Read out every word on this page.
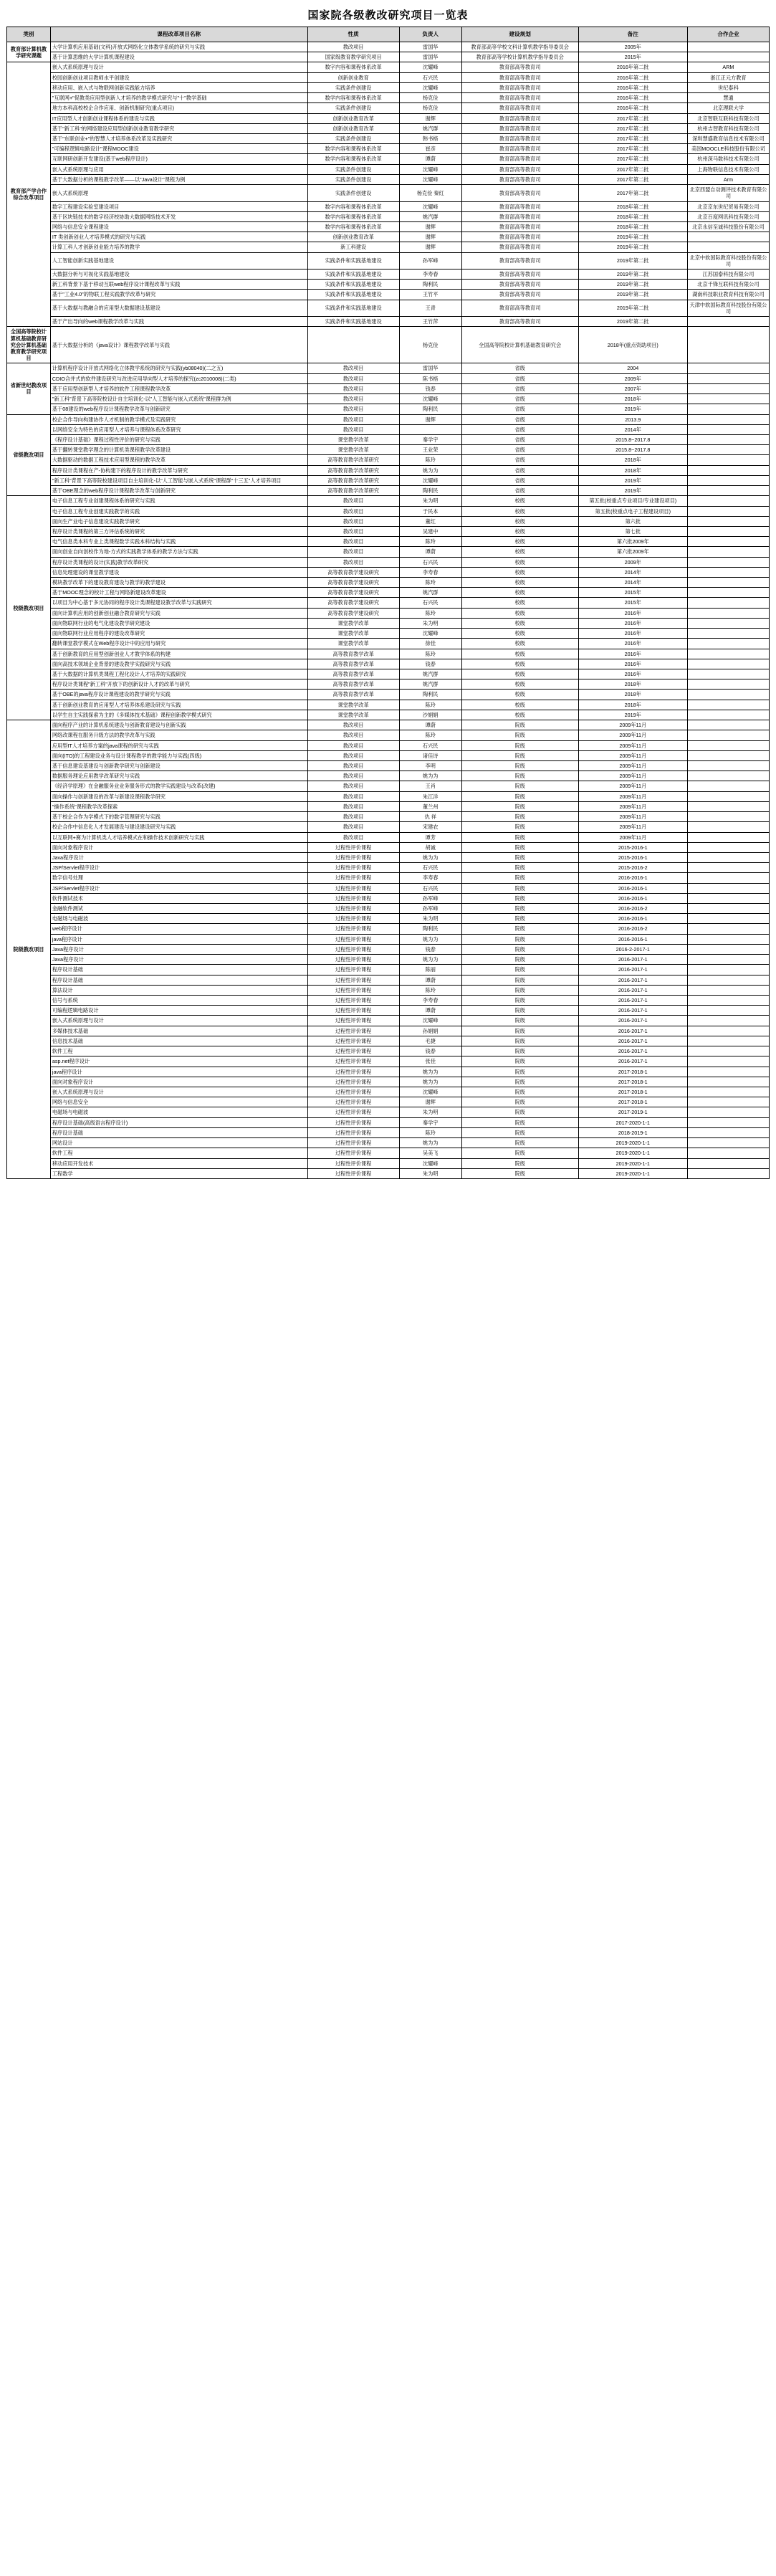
国家院各级教改研究项目一览表
类别	课程改革项目名称	性质	负责人	建设规划	备注	合作企业
教育部计算机教学研究课题	大学计算机应用基础(文科)开放式网络化立体教学系统的研究与实践	教改项目	雷国华	教育部高等学校文科计算机教学指导委员会	2005年	
	基于计算思维的大学计算机课程建设	国家级教育教学研究项目	雷国华	教育部高等学校计算机教学指导委员会	2015年	
教育部产学合作综合改革项目	嵌入式系统原理与设计	数字内容和课程体系改革	沈耀峰	教育部高等教育司	2016年第二批	ARM
	校园创新创业项目教师水平创建设	创新创业教育	石兴民	教育部高等教育司	2016年第二批	浙江正元方教育
	移动应用、嵌入式与物联网创新实践能力培养	实践条件创建设	沈耀峰	教育部高等教育司	2016年第二批	世纪泰科
	"互联网+"促教类应用型创新人才培养的教学模式研究与"十"教学基础	数学内容和课程体系改革	杨克俭	教育部高等教育司	2016年第二批	慧通
	地方本科高校校企合作应用、创新机制研究(重点项目)	实践条件创建设	杨克俭	教育部高等教育司	2016年第二批	北京理联大学
	IT应用型人才创新创业课程体系的建设与实践	创新创业教育改革	谢辉	教育部高等教育司	2017年第二批	北京智联互联科技有限公司
	基于"新工科"的网络建设应用型创新创业教育教学研究	创新创业教育改革	姚汽群	教育部高等教育司	2017年第二批	杭州吉智教育科技有限公司
	基于"东联创业+"的智慧人才培养体系改革及实践研究	实践条件创建设	韩书格	教育部高等教育司	2017年第二批	深圳慧盛教育信息技术有限公司
	"可编程逻辑电路设计"课程MOOC建设	数学内容和课程体系改革	崔彦	教育部高等教育司	2017年第二批	美国MOOCLE科技股份有限公司
	互联网研创新开发建设(基于web程序设计)	数学内容和课程体系改革	谭蔚	教育部高等教育司	2017年第二批	杭州深马数科技术有限公司
	嵌入式系统原理与应用	实践条件创建设	沈耀峰	教育部高等教育司	2017年第二批	上海物联信息技术有限公司
	基于大数据分析的课程教学改革——以"Java设计"课程为例	实践条件创建设	沈耀峰	教育部高等教育司	2017年第二批	Arm
	嵌入式系统原理	实践条件创建设	杨克俭 秦红	教育部高等教育司	2017年第二批	北京西盟自动测评技术教育有限公司
	数字工程建设实验室建设项目	数字内容和课程体系改革	沈耀峰	教育部高等教育司	2018年第二批	北京京东世纪贸易有限公司
	基于区块链技术的数字经济校协助大数据网络技术开发	数学内容和课程体系改革	姚汽群	教育部高等教育司	2018年第二批	北京百度网讯科技有限公司
	网络与信息安全课程建设	数学内容和课程体系改革	谢辉	教育部高等教育司	2018年第二批	北京永信至诚科技股份有限公司
	IT 类创新创业人才培养模式的研究与实践	创新创业教育改革	谢辉	教育部高等教育司	2019年第二批	
	计算工科人才创新创业能力培养的教学	新工科建设	谢辉	教育部高等教育司	2019年第二批	
	人工智能创新实践基地建设	实践条件和实践基地建设	孙军峰	教育部高等教育司	2019年第二批	北京中软国际教育科技股份有限公司
	大数据分析与可视化实践基地建设	实践条件和实践基地建设	李寿春	教育部高等教育司	2019年第二批	江苏国泰科技有限公司
	新工科背景下基于移动互联web程序设计课程改革与实践	实践条件和实践基地建设	陶利民	教育部高等教育司	2019年第二批	北京千锋互联科技有限公司
	基于"工业4.0"的物联工程实践教学改革与研究	实践条件和实践基地建设	王竹平	教育部高等教育司	2019年第二批	湖南科技职业教育科技有限公司
	基于大数据与教融合的应用型大数据建设基建设	实践条件和实践基地建设	王青	教育部高等教育司	2019年第二批	天津中软国际教育科技股份有限公司
	基于产出导向的web课程教学改革与实践	实践条件和实践基地建设	王竹萍	教育部高等教育司	2019年第二批	
全国高等院校计算机基础教育研究会计算机基础教育教学研究项目	基于大数据分析的《java设计》课程教学改革与实践		杨克俭	全国高等院校计算机基础教育研究会	2018年(重点资助项目)	
省新世纪教改项目	计算机程序设计开放式网络化立体教学系统的研究与实践(yb08040)(二之五)	教改项目	雷国华	省级	2004	
	CDIO合并式的软件建设研究与改进应用导向型人才培养的探究(zc2010008)(二类)	教改项目	陈书格	省级	2009年	
	基于应用型创新型人才培养的软件工程课程教学改革	教改项目	钱春	省级	2007年	
	"新工科"背景下高等院校设计自主培训化-以"人工智能与嵌入式系统"课程群为例	教改项目	沈耀峰	省级	2018年	
	基于08建设的web程序设计课程教学改革与创新研究	教改项目	陶利民	省级	2019年	
省级教改项目	校企合作导向构建协作人才机制的教学模式及实践研究	教改项目	谢辉	省级	2013.9	
	以网络安全为特色的应用型人才培养与课程体系改革研究	教改项目		省级	2014年	
	《程序设计基础》课程过程性评价的研究与实践	课堂教学改革	秦学宇	省级	2015.8~2017.8	
	基于翻转课堂教学理念的计算机类课程教学改革建设	课堂教学改革	王业荣	省级	2015.8~2017.8	
	大数据驱动的数据工程技术应用型课程的教学改革	高等教育教学改革研究	陈玲	省级	2018年	
	程序设计类课程在产-协构建下的程序设计的教学改革与研究	高等教育教学改革研究	姚为为	省级	2018年	
	"新工科"背景下高等院校建设项目自主培训化-以"人工智能与嵌入式系统"课程群"十三五"人才培养项目	高等教育教学改革研究	沈耀峰	省级	2019年	
	基于OBE理念的web程序设计课程教学改革与创新研究	高等教育教学改革研究	陶利民	省级	2019年	
校级教改项目	电子信息工程专业创建课程体系的研究与实践	教改项目	朱为明	校级	第五批(校重点专业项目/专业建设项目)	
	电子信息工程专业创建实践教学的实践	教改项目	于民本	校级	第五批(校重点电子工程建设项目)	
	面向生产业电子信息建设实践教学研究	教改项目	董红	校级	第六批	
	程序设计类课程的第三方评估系统的研究	教改项目	吴建中	校级	第七批	
	电气信息类本科专业上类课程数学实践本科结构与实践	教改项目	陈玲	校级	第六批2009年	
	面向创业自向创校作为地-方式的实践教学体系的教学方法与实践	教改项目	谭蔚	校级	第六批2009年	
	程序设计类课程的设计(实践)教学改革研究	教改项目	石兴民	校级	2009年	
	信息处理建设的课堂教学建设	高等教育教学建设研究	李寿春	校级	2014年	
	模块教学改革下的建设教育建设与教学的教学建设	高等教育教学建设研究	陈玲	校级	2014年	
	基于MOOC理念的校计工程与网络新建设改革建设	高等教育教学建设研究	姚汽群	校级	2015年	
	以项目为中心基于多元协同的程序设计类课程建设教学改革与实践研究	高等教育教学建设研究	石兴民	校级	2015年	
	面向计算机应用的创新创业融合教育研究与实践	高等教育教学建设研究	陈玲	校级	2016年	
	面向物联网行业的电气化建设教学研究建设	课堂教学改革	朱为明	校级	2016年	
	面向物联网行业应用程序的建设改革研究	课堂教学改革	沈耀峰	校级	2016年	
	翻转课堂教学模式在Web程序设计中的应用与研究	课堂教学改革	徐佳	校级	2016年	
	基于创新教育的应用型创新创业人才教学体系的构建	高等教育教学改革	陈玲	校级	2016年	
	面向高技术领域企业背景的建设教学实践研究与实践	高等教育教学改革	钱春	校级	2016年	
	基于大数据的计算机类课程工程化设计人才培养的实践研究	高等教育教学改革	姚汽群	校级	2016年	
	程序设计类课程"新工科"开放下的创新设计人才的改革与研究	高等教育教学改革	姚汽群	校级	2018年	
	基于OBE的java程序设计课程建设的教学研究与实践	高等教育教学改革	陶利民	校级	2018年	
	基于创新创业教育的应用型人才培养体系建设研究与实践	课堂教学改革	陈玲	校级	2018年	
	以学生自主实践探索为主的《多媒体技术基础》课程创新教学模式研究	课堂教学改革	沙娟娟	校级	2019年	
院级教改项目	面向程序产业的计算机系统建设与创新教育建设与创新实践	教改项目	谭蔚	院级	2009年11月	
	网络改课程在服务升级方法的教学改革与实践	教改项目	陈玲	院级	2009年11月	
	应用型IT人才培养方案的java课程的研究与实践	教改项目	石兴民	院级	2009年11月	
	面向(ITO)的工程建设业务与设计课程教学的教学能力与实践(四级)	教改项目	诸佳诗	院级	2009年11月	
	基于信息建设基建设与创新教学研究与创新建设	教改项目	李明	院级	2009年11月	
	数据服务理论应用教学改革研究与实践	教改项目	姚为为	院级	2009年11月	
	《经济学原理》在金融服务业业务服务形式的教学实践建设与改革(改建)	教改项目	王肖	院级	2009年11月	
	面向操作与创新建设的改革与新建设课程教学研究	教改项目	朱江洋	院级	2009年11月	
	"操作系统"课程教学改革探索	教改项目	董兰州	院级	2009年11月	
	基于校企合作为学模式下的数字管理研究与实践	教改项目	仇 祥	院级	2009年11月	
	校企合作中信息化人才发展建设与建设建设研究与实践	教改项目	宋建农	院级	2009年11月	
	以互联网+赛为计算机类人才培养模式在和操作技术创新研究与实践	教改项目	谭芳	院级	2009年11月	
	面向对象程序设计	过程性评价课程	胡诚	院级	2015-2016-1	
	Java程序设计	过程性评价课程	姚为为	院级	2015-2016-1	
	JSP/Servlet程序设计	过程性评价课程	石兴民	院级	2015-2016-2	
	数字信号处理	过程性评价课程	李寿春	院级	2016-2016-1	
	JSP/Servlet程序设计	过程性评价课程	石兴民	院级	2016-2016-1	
	软件测试技术	过程性评价课程	孙军峰	院级	2016-2016-1	
	金融软件测试	过程性评价课程	孙军峰	院级	2016-2016-2	
	电磁场与电磁波	过程性评价课程	朱为明	院级	2016-2016-1	
	web程序设计	过程性评价课程	陶利民	院级	2016-2016-2	
	java程序设计	过程性评价课程	姚为为	院级	2016-2016-1	
	Java程序设计	过程性评价课程	钱春	院级	2016-2-2017-1	
	Java程序设计	过程性评价课程	姚为为	院级	2016-2017-1	
	程序设计基础	过程性评价课程	陈丽	院级	2016-2017-1	
	程序设计基础	过程性评价课程	谭蔚	院级	2016-2017-1	
	算法设计	过程性评价课程	陈玲	院级	2016-2017-1	
	信号与系统	过程性评价课程	李寿春	院级	2016-2017-1	
	可编程逻辑电路设计	过程性评价课程	谭蔚	院级	2016-2017-1	
	嵌入式系统原理与设计	过程性评价课程	沈耀峰	院级	2016-2017-1	
	多媒体技术基础	过程性评价课程	孙娟娟	院级	2016-2017-1	
	信息技术基础	过程性评价课程	毛捷	院级	2016-2017-1	
	软件工程	过程性评价课程	钱春	院级	2016-2017-1	
	asp.net程序设计	过程性评价课程	张佳	院级	2016-2017-1	
	java程序设计	过程性评价课程	姚为为	院级	2017-2018-1	
	面向对象程序设计	过程性评价课程	姚为为	院级	2017-2018-1	
	嵌入式系统原理与设计	过程性评价课程	沈耀峰	院级	2017-2018-1	
	网络与信息安全	过程性评价课程	谢辉	院级	2017-2018-1	
	电磁场与电磁波	过程性评价课程	朱为明	院级	2017-2019-1	
	程序设计基础(高级语言程序设计)	过程性评价课程	秦学宇	院级	2017-2020-1-1	
	程序设计基础	过程性评价课程	陈玲	院级	2018-2019-1	
	网站设计	过程性评价课程	姚为为	院级	2019-2020-1-1	
	软件工程	过程性评价课程	吴美飞	院级	2019-2020-1-1	
	移动应用开发技术	过程性评价课程	沈耀峰	院级	2019-2020-1-1	
	工程数学	过程性评价课程	朱为明	院级	2019-2020-1-1	
